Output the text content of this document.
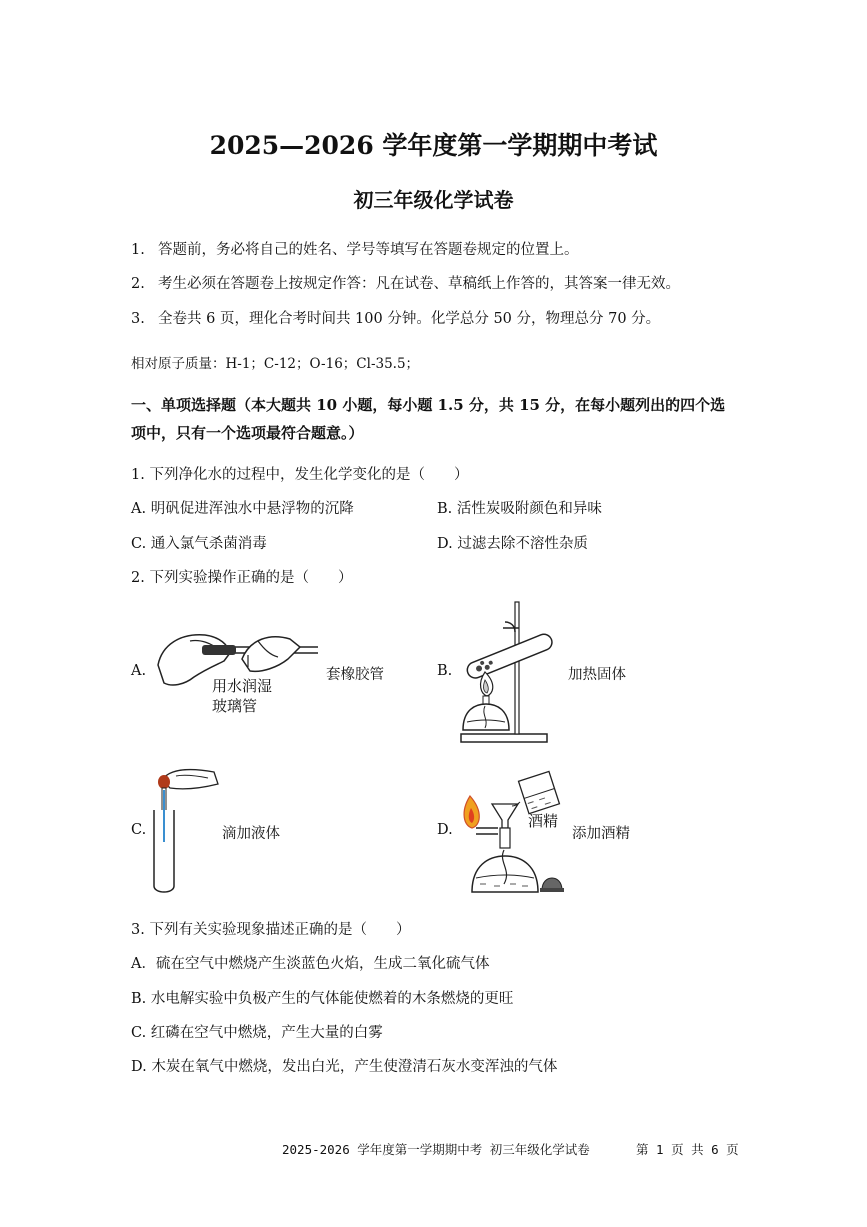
2025—2026 学年度第一学期期中考试
初三年级化学试卷
1. 答题前，务必将自己的姓名、学号等填写在答题卷规定的位置上。
2. 考生必须在答题卷上按规定作答：凡在试卷、草稿纸上作答的，其答案一律无效。
3. 全卷共 6 页，理化合考时间共 100 分钟。化学总分 50 分，物理总分 70 分。
相对原子质量：H-1；C-12；O-16；Cl-35.5；
一、单项选择题（本大题共 10 小题，每小题 1.5 分，共 15 分，在每小题列出的四个选
项中，只有一个选项最符合题意。）
1. 下列净化水的过程中，发生化学变化的是（　　）
A. 明矾促进浑浊水中悬浮物的沉降	B. 活性炭吸附颜色和异味
C. 通入氯气杀菌消毒	D. 过滤去除不溶性杂质
2. 下列实验操作正确的是（　　）
A.
用水润湿
玻璃管
套橡胶管	B.	加热固体
C.	滴加液体	D.	酒精
添加酒精
3. 下列有关实验现象描述正确的是（　　）
A．硫在空气中燃烧产生淡蓝色火焰，生成二氧化硫气体
B. 水电解实验中负极产生的气体能使燃着的木条燃烧的更旺
C. 红磷在空气中燃烧，产生大量的白雾
D. 木炭在氧气中燃烧，发出白光，产生使澄清石灰水变浑浊的气体
2025-2026 学年度第一学期期中考 初三年级化学试卷	第 1 页 共 6 页
